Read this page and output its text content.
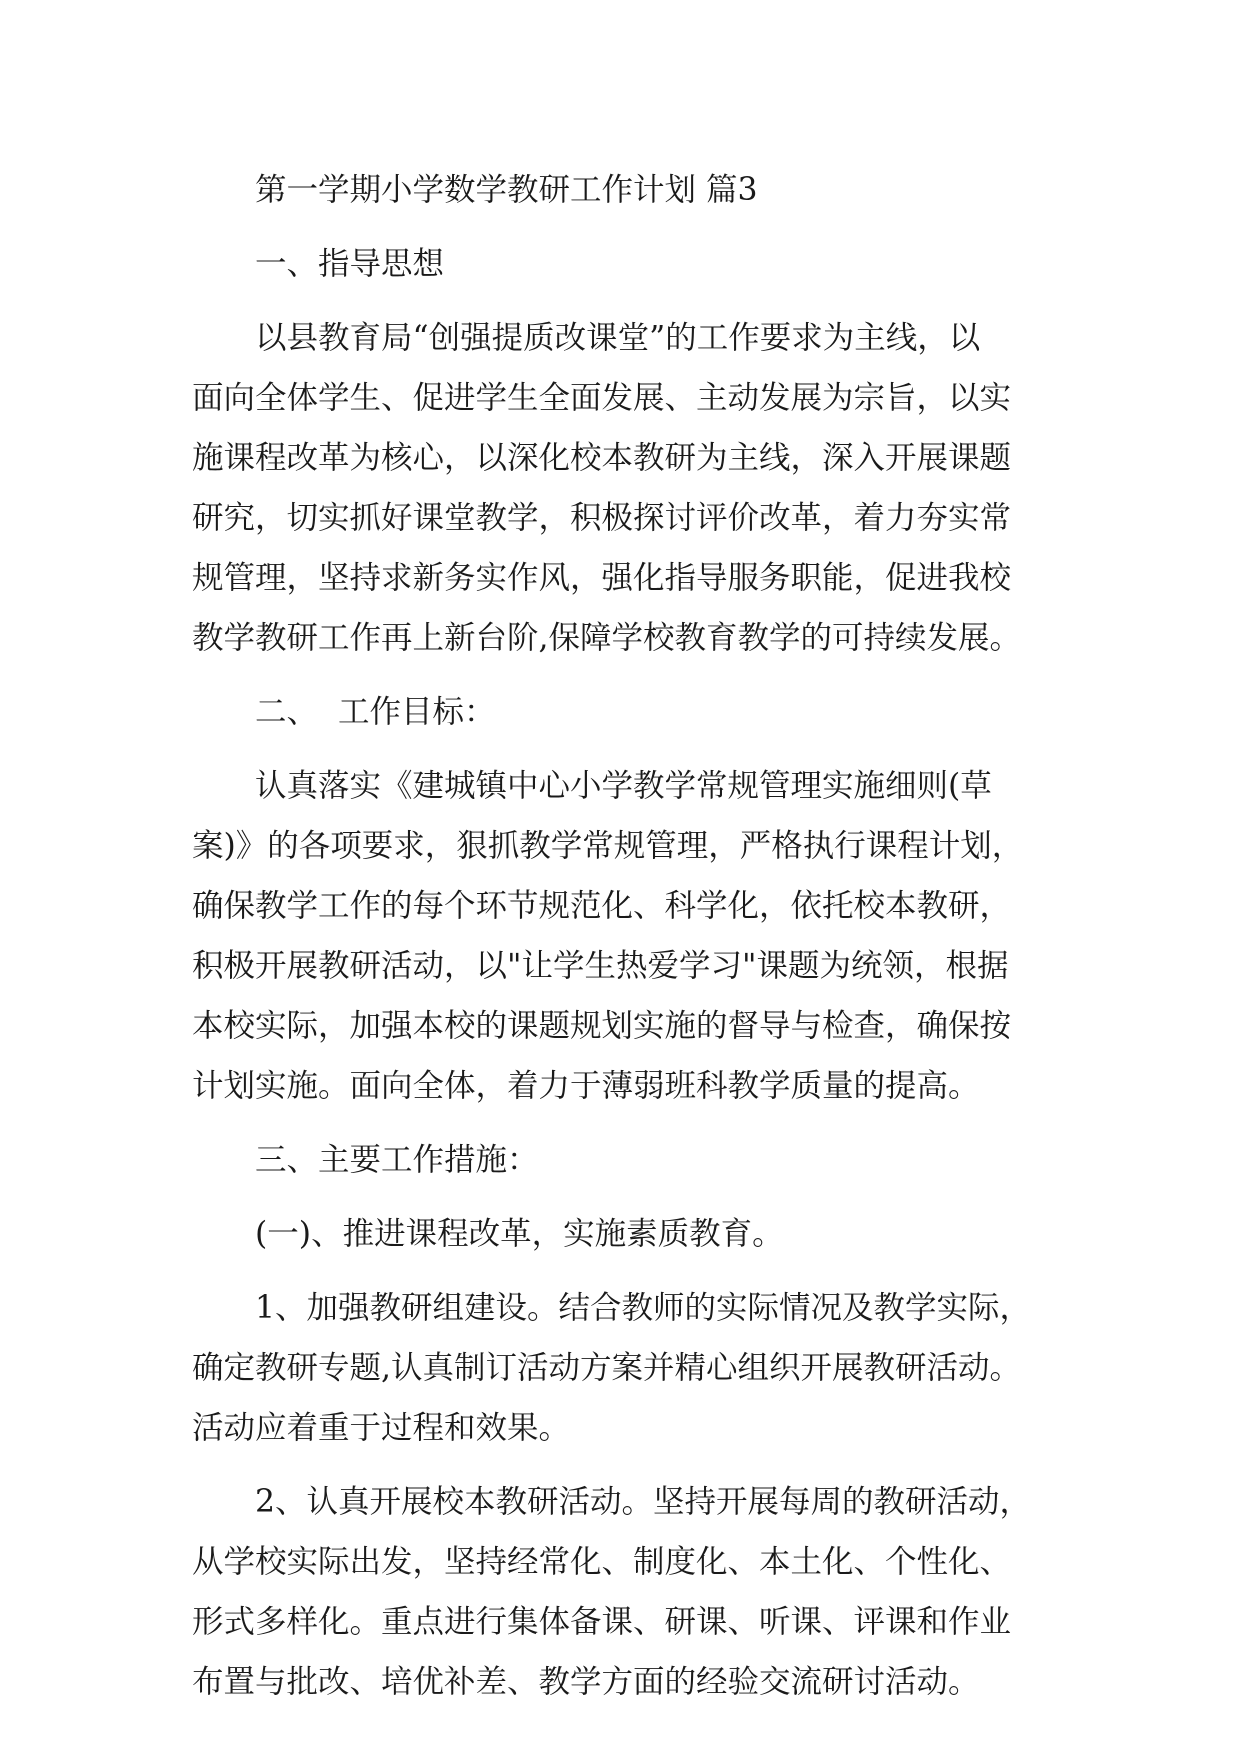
第一学期小学数学教研工作计划 篇3
一、指导思想
以县教育局“创强提质改课堂”的工作要求为主线，以
面向全体学生、促进学生全面发展、主动发展为宗旨，以实
施课程改革为核心，以深化校本教研为主线，深入开展课题
研究，切实抓好课堂教学，积极探讨评价改革，着力夯实常
规管理，坚持求新务实作风，强化指导服务职能，促进我校
教学教研工作再上新台阶,保障学校教育教学的可持续发展。
二、  工作目标：
认真落实《建城镇中心小学教学常规管理实施细则(草
案)》的各项要求，狠抓教学常规管理，严格执行课程计划，
确保教学工作的每个环节规范化、科学化，依托校本教研，
积极开展教研活动，以"让学生热爱学习"课题为统领，根据
本校实际，加强本校的课题规划实施的督导与检查，确保按
计划实施。面向全体，着力于薄弱班科教学质量的提高。
三、主要工作措施：
(一)、推进课程改革，实施素质教育。
1、加强教研组建设。结合教师的实际情况及教学实际，
确定教研专题,认真制订活动方案并精心组织开展教研活动。
活动应着重于过程和效果。
2、认真开展校本教研活动。坚持开展每周的教研活动，
从学校实际出发，坚持经常化、制度化、本土化、个性化、
形式多样化。重点进行集体备课、研课、听课、评课和作业
布置与批改、培优补差、教学方面的经验交流研讨活动。
